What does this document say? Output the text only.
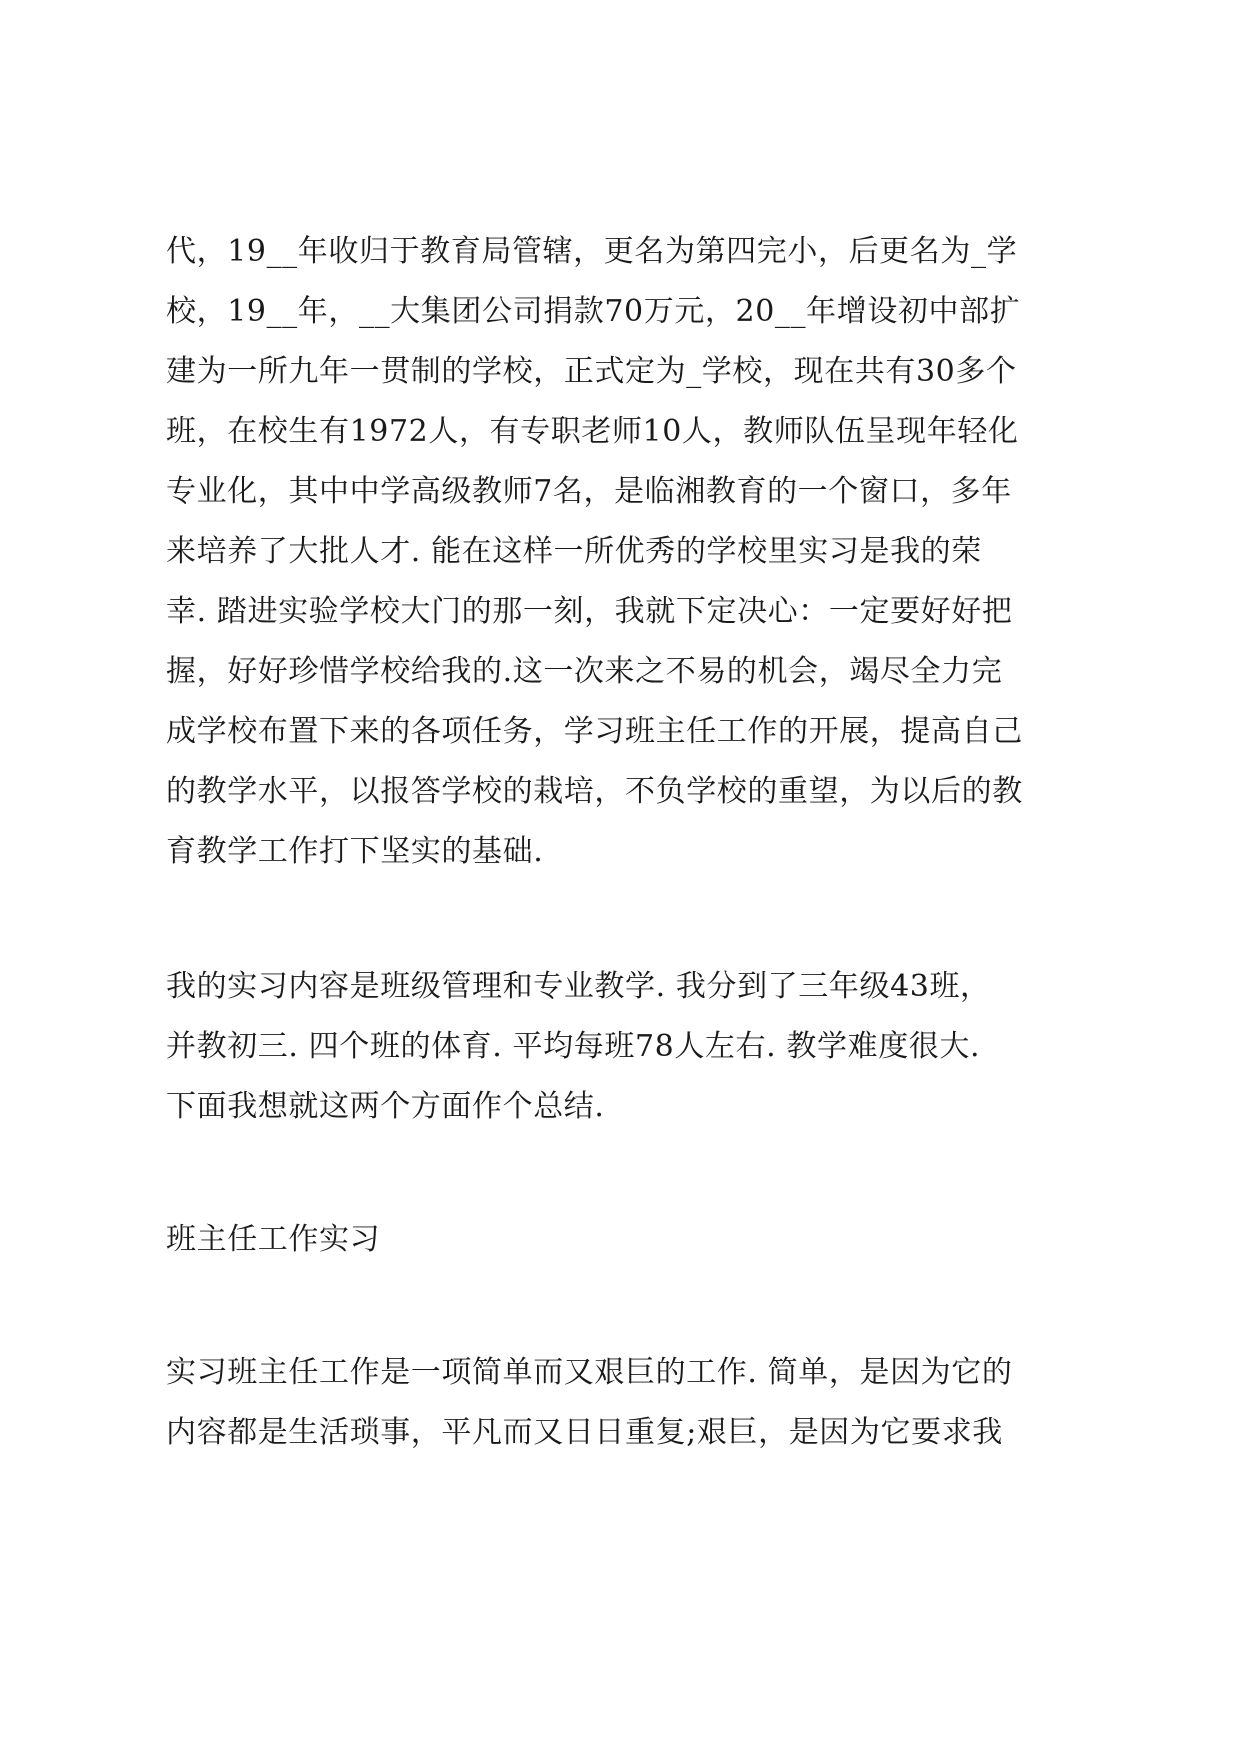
代，19__年收归于教育局管辖，更名为第四完小，后更名为_学
校，19__年，__大集团公司捐款70万元，20__年增设初中部扩
建为一所九年一贯制的学校，正式定为_学校，现在共有30多个
班，在校生有1972人，有专职老师10人，教师队伍呈现年轻化
专业化，其中中学高级教师7名，是临湘教育的一个窗口，多年
来培养了大批人才. 能在这样一所优秀的学校里实习是我的荣
幸. 踏进实验学校大门的那一刻，我就下定决心：一定要好好把
握，好好珍惜学校给我的.这一次来之不易的机会，竭尽全力完
成学校布置下来的各项任务，学习班主任工作的开展，提高自己
的教学水平，以报答学校的栽培，不负学校的重望，为以后的教
育教学工作打下坚实的基础.
我的实习内容是班级管理和专业教学. 我分到了三年级43班，
并教初三. 四个班的体育. 平均每班78人左右. 教学难度很大.
下面我想就这两个方面作个总结.
班主任工作实习
实习班主任工作是一项简单而又艰巨的工作. 简单，是因为它的
内容都是生活琐事，平凡而又日日重复;艰巨，是因为它要求我
